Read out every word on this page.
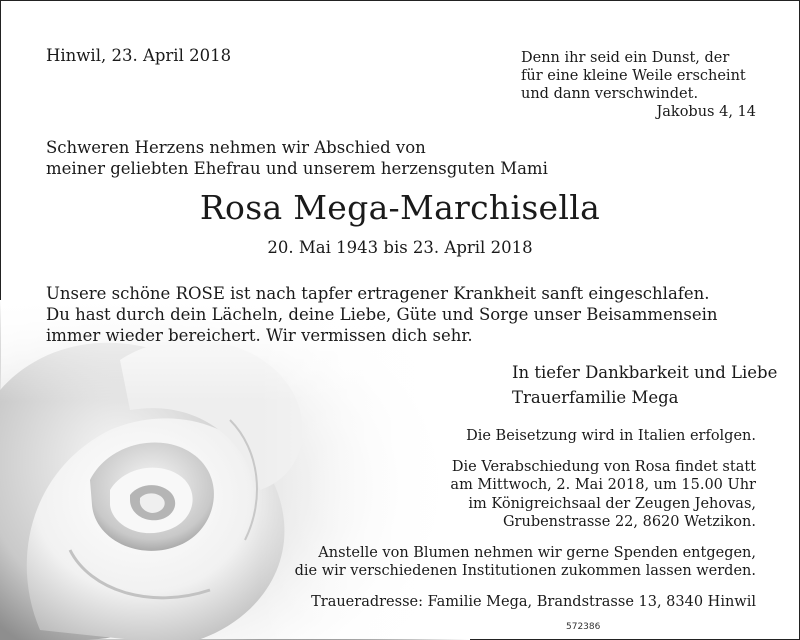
Hinwil, 23. April 2018	Denn ihr seid ein Dunst, der
für eine kleine Weile erscheint
und dann verschwindet.
Jakobus 4, 14
Schweren Herzens nehmen wir Abschied von
meiner geliebten Ehefrau und unserem herzensguten Mami
Rosa Mega-Marchisella
20. Mai 1943 bis 23. April 2018
Unsere schöne ROSE ist nach tapfer ertragener Krankheit sanft eingeschlafen.
Du hast durch dein Lächeln, deine Liebe, Güte und Sorge unser Beisammensein
immer wieder bereichert. Wir vermissen dich sehr.
In tiefer Dankbarkeit und Liebe
Trauerfamilie Mega
Die Beisetzung wird in Italien erfolgen.
Die Verabschiedung von Rosa findet statt
am Mittwoch, 2. Mai 2018, um 15.00 Uhr
im Königreichsaal der Zeugen Jehovas,
Grubenstrasse 22, 8620 Wetzikon.
Anstelle von Blumen nehmen wir gerne Spenden entgegen,
die wir verschiedenen Institutionen zukommen lassen werden.
Traueradresse: Familie Mega, Brandstrasse 13, 8340 Hinwil
572386
